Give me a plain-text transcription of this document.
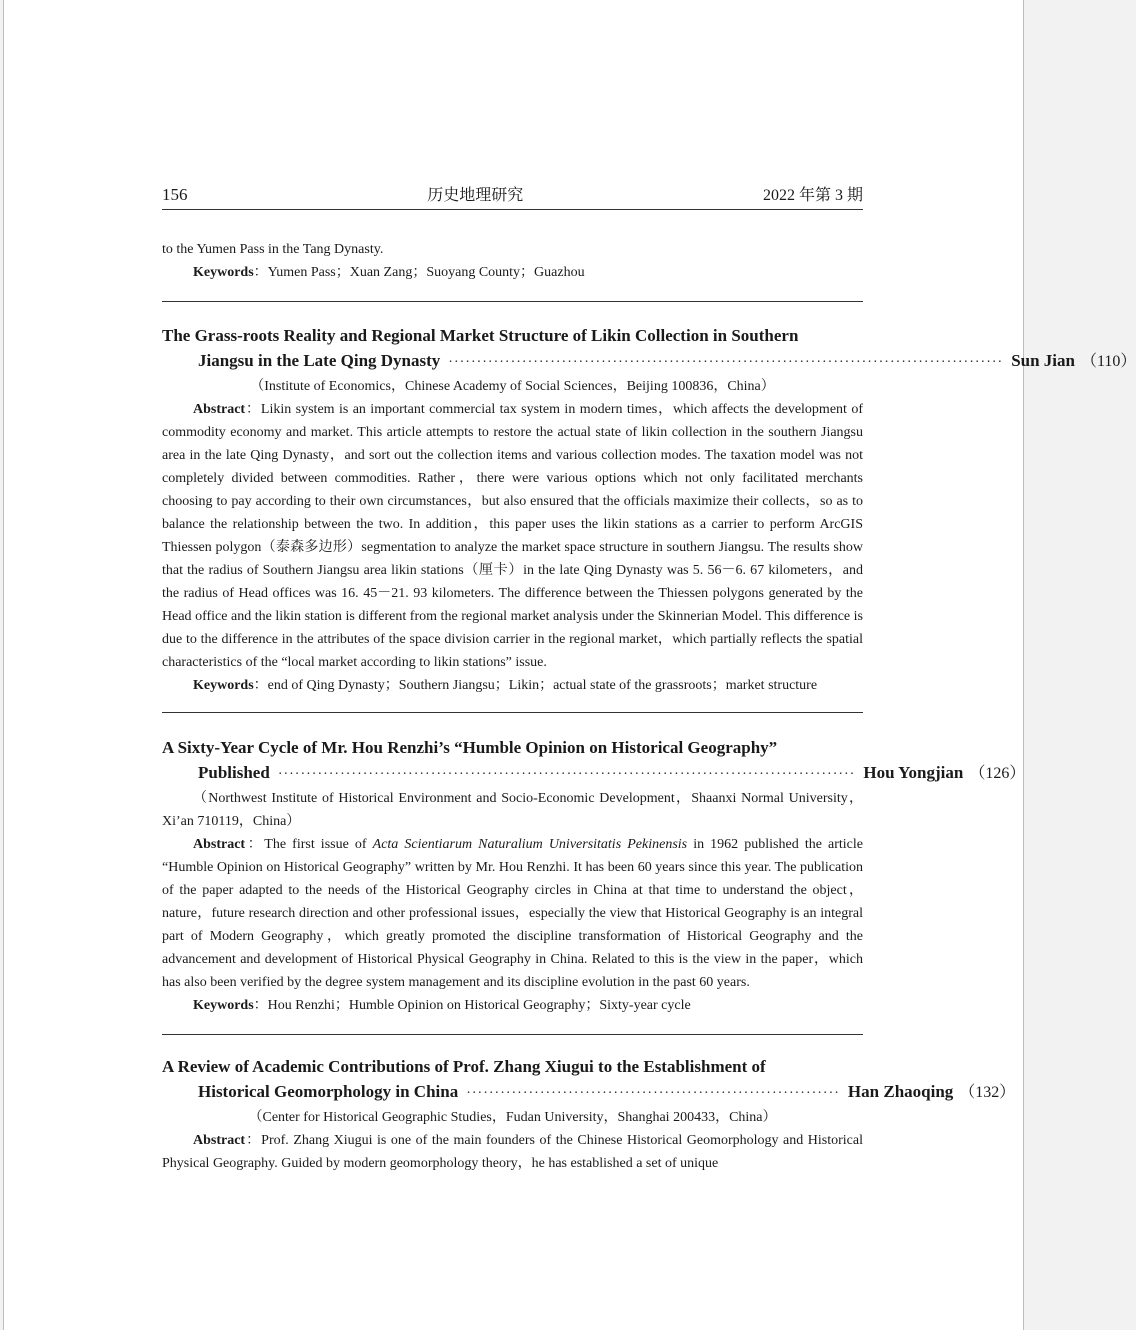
156	历史地理研究	2022 年第 3 期

to the Yumen Pass in the Tang Dynasty.

Keywords：Yumen Pass；Xuan Zang；Suoyang County；Guazhou

The Grass-roots Reality and Regional Market Structure of Likin Collection in Southern

Jiangsu in the Late Qing Dynasty ·································································································· Sun Jian （110）

（Institute of Economics，Chinese Academy of Social Sciences，Beijing 100836，China）

Abstract：Likin system is an important commercial tax system in modern times，which affects the development of commodity economy and market. This article attempts to restore the actual state of likin collection in the southern Jiangsu area in the late Qing Dynasty，and sort out the collection items and various collection modes. The taxation model was not completely divided between commodities. Rather，there were various options which not only facilitated merchants choosing to pay according to their own circumstances，but also ensured that the officials maximize their collects，so as to balance the relationship between the two. In addition，this paper uses the likin stations as a carrier to perform ArcGIS Thiessen polygon（泰森多边形）segmentation to analyze the market space structure in southern Jiangsu. The results show that the radius of Southern Jiangsu area likin stations（厘卡）in the late Qing Dynasty was 5. 56－6. 67 kilometers，and the radius of Head offices was 16. 45－21. 93 kilometers. The difference between the Thiessen polygons generated by the Head office and the likin station is different from the regional market analysis under the Skinnerian Model. This difference is due to the difference in the attributes of the space division carrier in the regional market，which partially reflects the spatial characteristics of the “local market according to likin stations” issue.

Keywords：end of Qing Dynasty；Southern Jiangsu；Likin；actual state of the grassroots；market structure

A Sixty-Year Cycle of Mr. Hou Renzhi’s “Humble Opinion on Historical Geography”

Published ······································································································ Hou Yongjian （126）

（Northwest Institute of Historical Environment and Socio-Economic Development，Shaanxi Normal University，Xi’an 710119，China）

Abstract：The first issue of Acta Scientiarum Naturalium Universitatis Pekinensis in 1962 published the article “Humble Opinion on Historical Geography” written by Mr. Hou Renzhi. It has been 60 years since this year. The publication of the paper adapted to the needs of the Historical Geography circles in China at that time to understand the object，nature，future research direction and other professional issues，especially the view that Historical Geography is an integral part of Modern Geography，which greatly promoted the discipline transformation of Historical Geography and the advancement and development of Historical Physical Geography in China. Related to this is the view in the paper，which has also been verified by the degree system management and its discipline evolution in the past 60 years.

Keywords：Hou Renzhi；Humble Opinion on Historical Geography；Sixty-year cycle

A Review of Academic Contributions of Prof. Zhang Xiugui to the Establishment of

Historical Geomorphology in China ·································································· Han Zhaoqing （132）

（Center for Historical Geographic Studies，Fudan University，Shanghai 200433，China）

Abstract：Prof. Zhang Xiugui is one of the main founders of the Chinese Historical Geomorphology and Historical Physical Geography. Guided by modern geomorphology theory，he has established a set of unique
